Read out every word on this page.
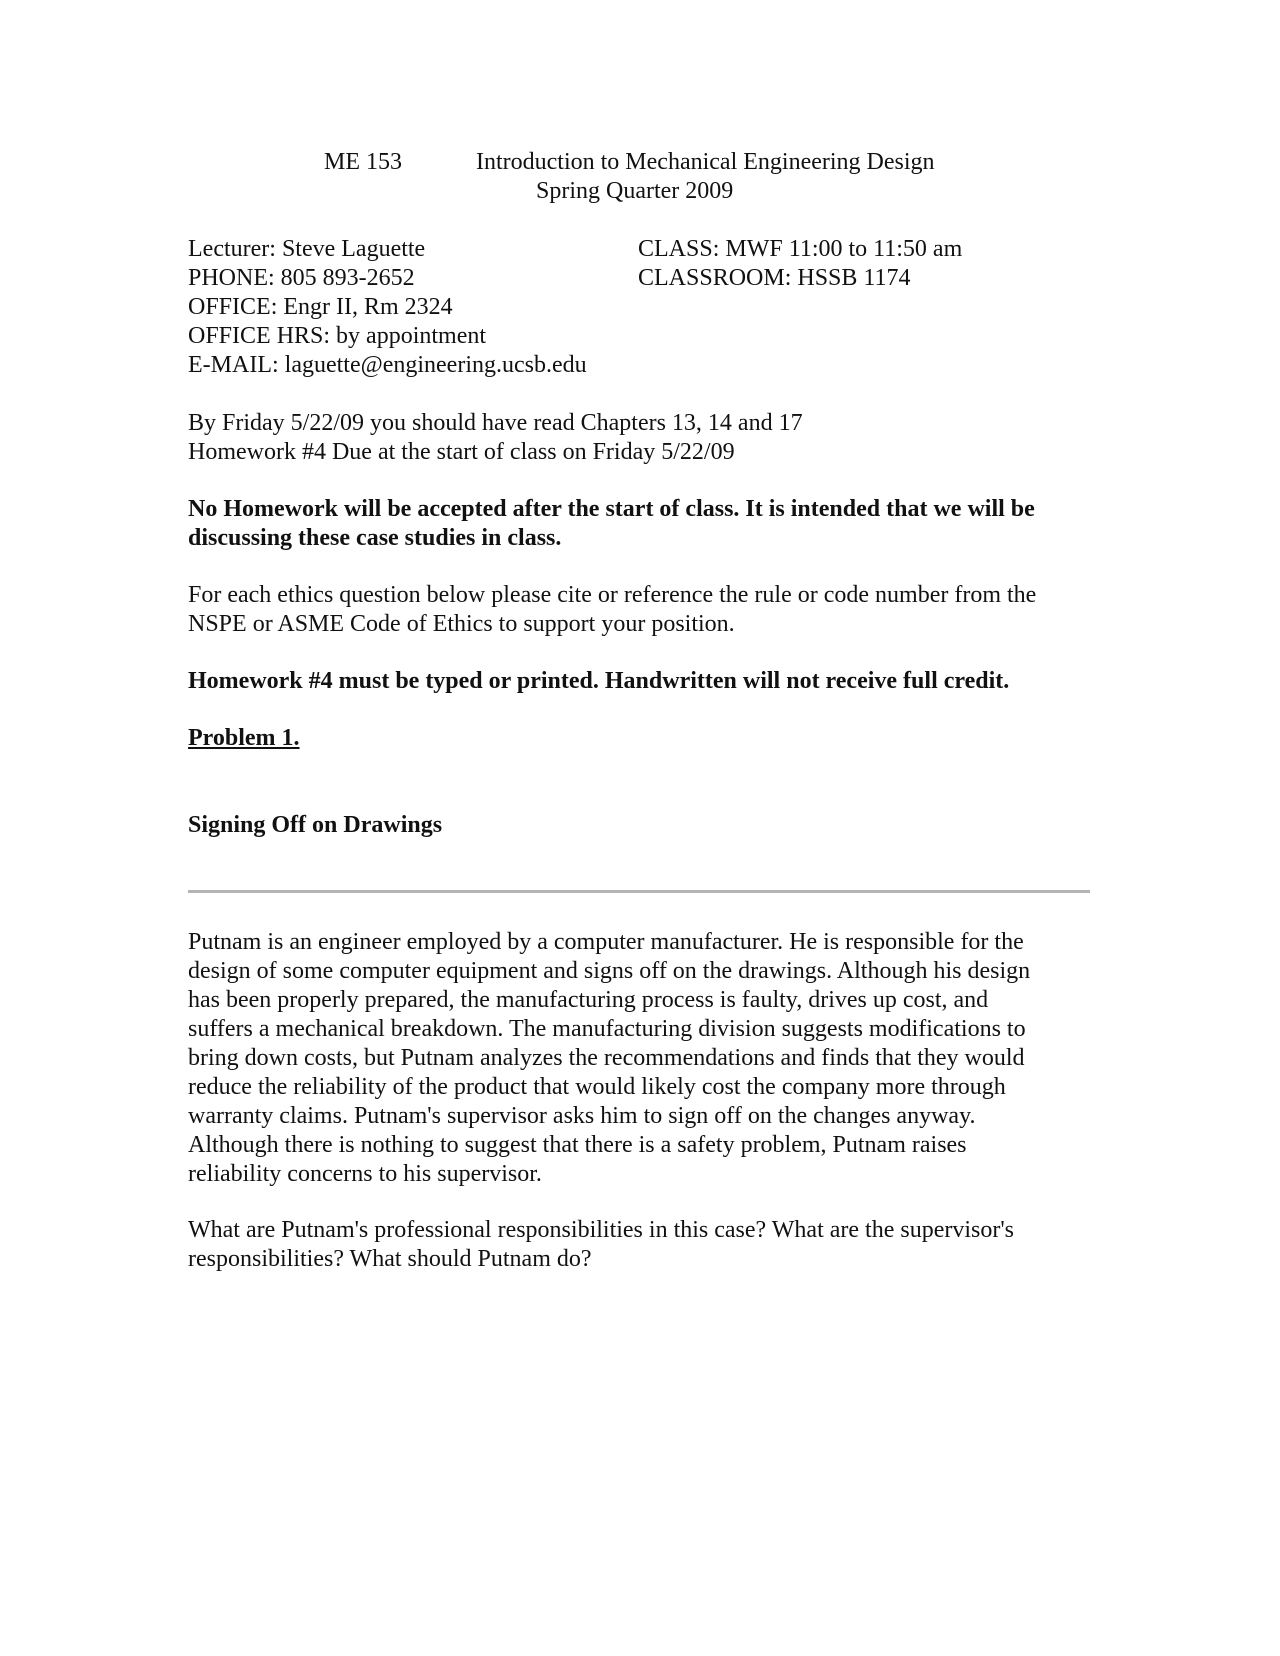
ME 153	Introduction to Mechanical Engineering Design
Spring Quarter 2009
Lecturer: Steve Laguette
PHONE: 805 893-2652
OFFICE: Engr II, Rm 2324
OFFICE HRS: by appointment
E-MAIL: laguette@engineering.ucsb.edu
CLASS: MWF 11:00 to 11:50 am
CLASSROOM: HSSB 1174
By Friday 5/22/09 you should have read Chapters 13, 14 and 17
Homework #4 Due at the start of class on Friday 5/22/09
No Homework will be accepted after the start of class. It is intended that we will be
discussing these case studies in class.
For each ethics question below please cite or reference the rule or code number from the
NSPE or ASME Code of Ethics to support your position.
Homework #4 must be typed or printed. Handwritten will not receive full credit.
Problem 1.
Signing Off on Drawings
Putnam is an engineer employed by a computer manufacturer. He is responsible for the
design of some computer equipment and signs off on the drawings. Although his design
has been properly prepared, the manufacturing process is faulty, drives up cost, and
suffers a mechanical breakdown. The manufacturing division suggests modifications to
bring down costs, but Putnam analyzes the recommendations and finds that they would
reduce the reliability of the product that would likely cost the company more through
warranty claims. Putnam's supervisor asks him to sign off on the changes anyway.
Although there is nothing to suggest that there is a safety problem, Putnam raises
reliability concerns to his supervisor.
What are Putnam's professional responsibilities in this case? What are the supervisor's
responsibilities? What should Putnam do?
